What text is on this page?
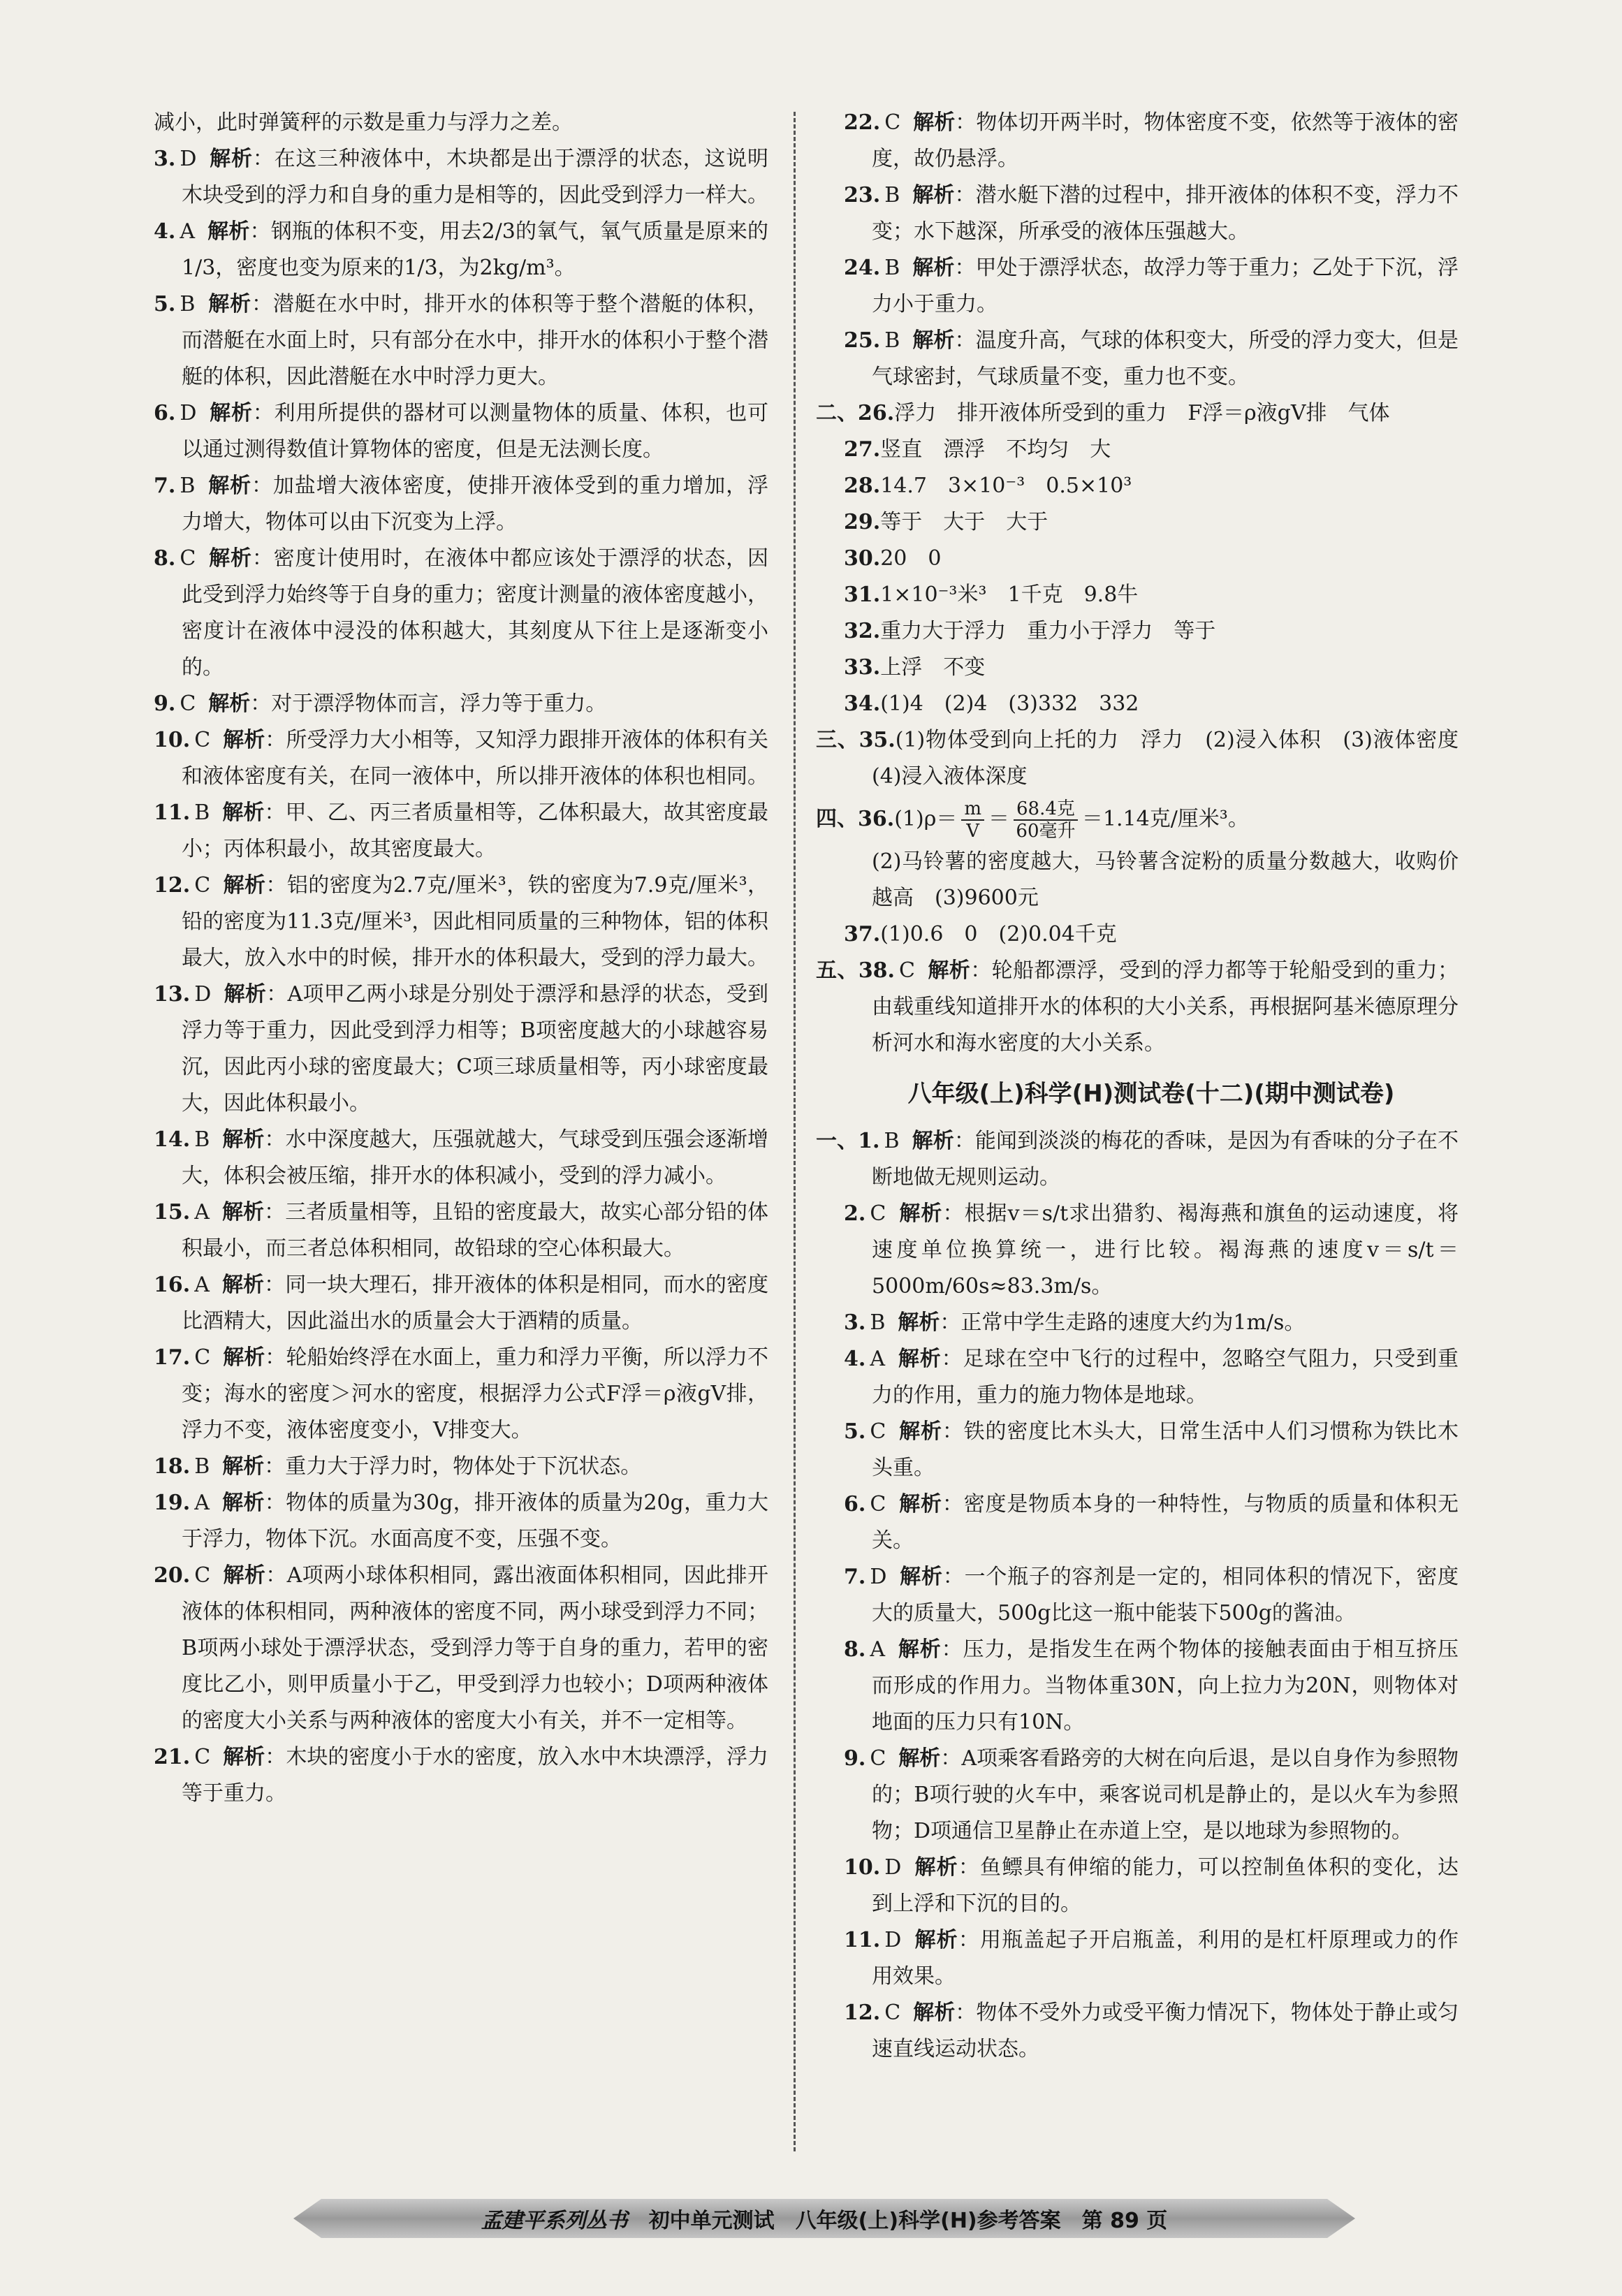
减小，此时弹簧秤的示数是重力与浮力之差。

3. D 解析：在这三种液体中，木块都是出于漂浮的状态，这说明木块受到的浮力和自身的重力是相等的，因此受到浮力一样大。

4. A 解析：钢瓶的体积不变，用去2/3的氧气，氧气质量是原来的1/3，密度也变为原来的1/3，为2kg/m³。

5. B 解析：潜艇在水中时，排开水的体积等于整个潜艇的体积，而潜艇在水面上时，只有部分在水中，排开水的体积小于整个潜艇的体积，因此潜艇在水中时浮力更大。

6. D 解析：利用所提供的器材可以测量物体的质量、体积，也可以通过测得数值计算物体的密度，但是无法测长度。

7. B 解析：加盐增大液体密度，使排开液体受到的重力增加，浮力增大，物体可以由下沉变为上浮。

8. C 解析：密度计使用时，在液体中都应该处于漂浮的状态，因此受到浮力始终等于自身的重力；密度计测量的液体密度越小，密度计在液体中浸没的体积越大，其刻度从下往上是逐渐变小的。

9. C 解析：对于漂浮物体而言，浮力等于重力。

10. C 解析：所受浮力大小相等，又知浮力跟排开液体的体积有关和液体密度有关，在同一液体中，所以排开液体的体积也相同。

11. B 解析：甲、乙、丙三者质量相等，乙体积最大，故其密度最小；丙体积最小，故其密度最大。

12. C 解析：铝的密度为2.7克/厘米³，铁的密度为7.9克/厘米³，铅的密度为11.3克/厘米³，因此相同质量的三种物体，铝的体积最大，放入水中的时候，排开水的体积最大，受到的浮力最大。

13. D 解析：A项甲乙两小球是分别处于漂浮和悬浮的状态，受到浮力等于重力，因此受到浮力相等；B项密度越大的小球越容易沉，因此丙小球的密度最大；C项三球质量相等，丙小球密度最大，因此体积最小。

14. B 解析：水中深度越大，压强就越大，气球受到压强会逐渐增大，体积会被压缩，排开水的体积减小，受到的浮力减小。

15. A 解析：三者质量相等，且铅的密度最大，故实心部分铅的体积最小，而三者总体积相同，故铅球的空心体积最大。

16. A 解析：同一块大理石，排开液体的体积是相同，而水的密度比酒精大，因此溢出水的质量会大于酒精的质量。

17. C 解析：轮船始终浮在水面上，重力和浮力平衡，所以浮力不变；海水的密度＞河水的密度，根据浮力公式F浮＝ρ液gV排，浮力不变，液体密度变小，V排变大。

18. B 解析：重力大于浮力时，物体处于下沉状态。

19. A 解析：物体的质量为30g，排开液体的质量为20g，重力大于浮力，物体下沉。水面高度不变，压强不变。

20. C 解析：A项两小球体积相同，露出液面体积相同，因此排开液体的体积相同，两种液体的密度不同，两小球受到浮力不同；B项两小球处于漂浮状态，受到浮力等于自身的重力，若甲的密度比乙小，则甲质量小于乙，甲受到浮力也较小；D项两种液体的密度大小关系与两种液体的密度大小有关，并不一定相等。

21. C 解析：木块的密度小于水的密度，放入水中木块漂浮，浮力等于重力。

22. C 解析：物体切开两半时，物体密度不变，依然等于液体的密度，故仍悬浮。

23. B 解析：潜水艇下潜的过程中，排开液体的体积不变，浮力不变；水下越深，所承受的液体压强越大。

24. B 解析：甲处于漂浮状态，故浮力等于重力；乙处于下沉，浮力小于重力。

25. B 解析：温度升高，气球的体积变大，所受的浮力变大，但是气球密封，气球质量不变，重力也不变。

二、26.浮力　排开液体所受到的重力　F浮＝ρ液gV排　气体

27.竖直　漂浮　不均匀　大

28.14.7　3×10⁻³　0.5×10³

29.等于　大于　大于

30.20　0

31.1×10⁻³米³　1千克　9.8牛

32.重力大于浮力　重力小于浮力　等于

33.上浮　不变

34.(1)4　(2)4　(3)332　332

三、35.(1)物体受到向上托的力　浮力　(2)浸入体积　(3)液体密度　(4)浸入液体深度

四、$36.(1)\rho= \frac{m}{V} = \frac{\text{68.4克}}{\text{60毫升}} =1.14$克/厘米³。

(2)马铃薯的密度越大，马铃薯含淀粉的质量分数越大，收购价越高　(3)9600元

37.(1)0.6　0　(2)0.04千克

五、38. C 解析：轮船都漂浮，受到的浮力都等于轮船受到的重力；由载重线知道排开水的体积的大小关系，再根据阿基米德原理分析河水和海水密度的大小关系。

八年级(上)科学(H)测试卷(十二)(期中测试卷)

一、1. B 解析：能闻到淡淡的梅花的香味，是因为有香味的分子在不断地做无规则运动。

2. C 解析：根据v＝s/t求出猎豹、褐海燕和旗鱼的运动速度，将速度单位换算统一，进行比较。褐海燕的速度v＝s/t＝5000m/60s≈83.3m/s。

3. B 解析：正常中学生走路的速度大约为1m/s。

4. A 解析：足球在空中飞行的过程中，忽略空气阻力，只受到重力的作用，重力的施力物体是地球。

5. C 解析：铁的密度比木头大，日常生活中人们习惯称为铁比木头重。

6. C 解析：密度是物质本身的一种特性，与物质的质量和体积无关。

7. D 解析：一个瓶子的容剂是一定的，相同体积的情况下，密度大的质量大，500g比这一瓶中能装下500g的酱油。

8. A 解析：压力，是指发生在两个物体的接触表面由于相互挤压而形成的作用力。当物体重30N，向上拉力为20N，则物体对地面的压力只有10N。

9. C 解析：A项乘客看路旁的大树在向后退，是以自身作为参照物的；B项行驶的火车中，乘客说司机是静止的，是以火车为参照物；D项通信卫星静止在赤道上空，是以地球为参照物的。

10. D 解析：鱼鳔具有伸缩的能力，可以控制鱼体积的变化，达到上浮和下沉的目的。

11. D 解析：用瓶盖起子开启瓶盖，利用的是杠杆原理或力的作用效果。

12. C 解析：物体不受外力或受平衡力情况下，物体处于静止或匀速直线运动状态。

孟建平系列丛书 初中单元测试 八年级(上)科学(H)参考答案 第 89 页
